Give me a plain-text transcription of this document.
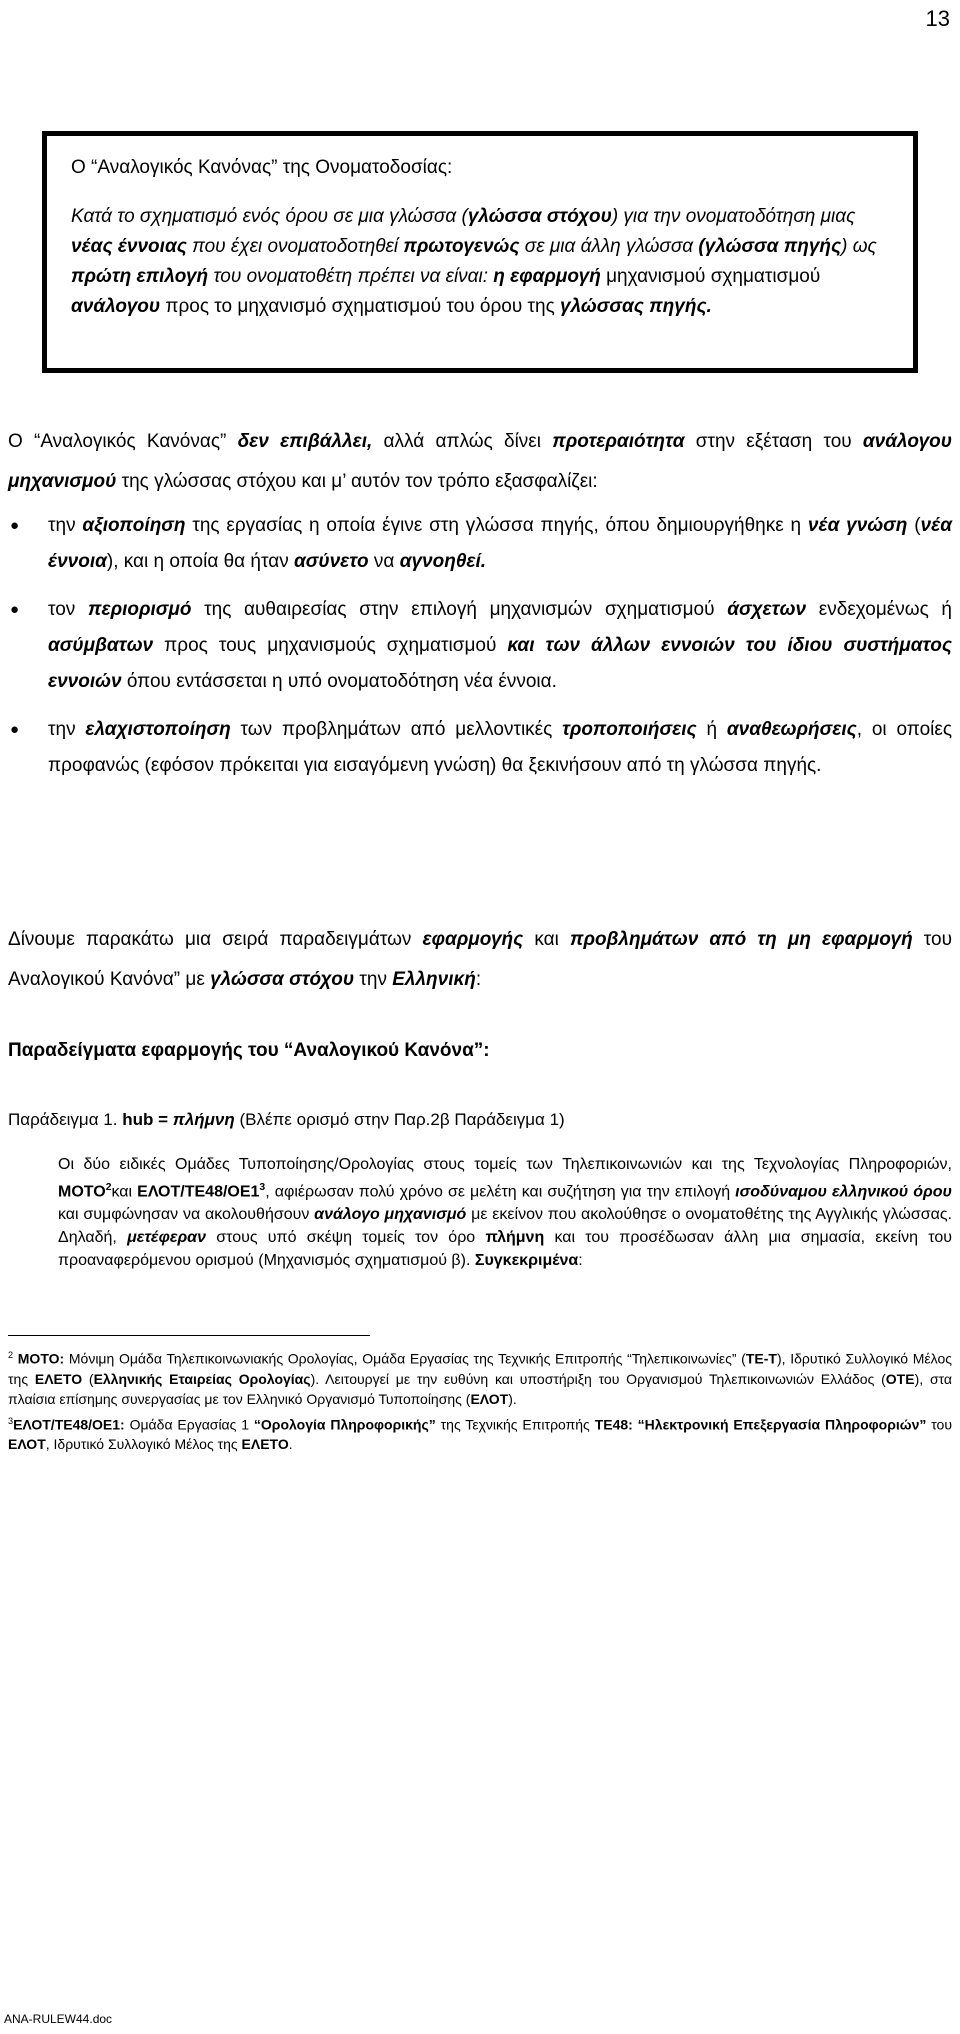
13

Ο “Αναλογικός Κανόνας” της Ονοματοδοσίας:

Κατά το σχηματισμό ενός όρου σε μια γλώσσα (γλώσσα στόχου) για την ονοματοδότηση μιας νέας έννοιας που έχει ονοματοδοτηθεί πρωτογενώς σε μια άλλη γλώσσα (γλώσσα πηγής) ως πρώτη επιλογή του ονοματοθέτη πρέπει να είναι: η εφαρμογή μηχανισμού σχηματισμού ανάλογου προς το μηχανισμό σχηματισμού του όρου της γλώσσας πηγής.

Ο “Αναλογικός Κανόνας” δεν επιβάλλει, αλλά απλώς δίνει προτεραιότητα στην εξέταση του ανάλογου μηχανισμού της γλώσσας στόχου και μ’ αυτόν τον τρόπο εξασφαλίζει:

● την αξιοποίηση της εργασίας η οποία έγινε στη γλώσσα πηγής, όπου δημιουργήθηκε η νέα γνώση (νέα έννοια), και η οποία θα ήταν ασύνετο να αγνοηθεί.
● τον περιορισμό της αυθαιρεσίας στην επιλογή μηχανισμών σχηματισμού άσχετων ενδεχομένως ή ασύμβατων προς τους μηχανισμούς σχηματισμού και των άλλων εννοιών του ίδιου συστήματος εννοιών όπου εντάσσεται η υπό ονοματοδότηση νέα έννοια.
● την ελαχιστοποίηση των προβλημάτων από μελλοντικές τροποποιήσεις ή αναθεωρήσεις, οι οποίες προφανώς (εφόσον πρόκειται για εισαγόμενη γνώση) θα ξεκινήσουν από τη γλώσσα πηγής.

Δίνουμε παρακάτω μια σειρά παραδειγμάτων εφαρμογής και προβλημάτων από τη μη εφαρμογή του Αναλογικού Κανόνα” με γλώσσα στόχου την Ελληνική:

Παραδείγματα εφαρμογής του “Αναλογικού Κανόνα”:
Παράδειγμα 1. hub = πλήμνη (Βλέπε ορισμό στην Παρ.2β Παράδειγμα 1)

Οι δύο ειδικές Ομάδες Τυποποίησης/Ορολογίας στους τομείς των Τηλεπικοινωνιών και της Τεχνολογίας Πληροφοριών, ΜΟΤΟ$^2$και ΕΛΟΤ/$TE48/OE1^3$, αφιέρωσαν πολύ χρόνο σε μελέτη και συζήτηση για την επιλογή ισοδύναμου ελληνικού όρου και συμφώνησαν να ακολουθήσουν ανάλογο μηχανισμό με εκείνον που ακολούθησε ο ονοματοθέτης της Αγγλικής γλώσσας. Δηλαδή, μετέφεραν στους υπό σκέψη τομείς τον όρο πλήμνη και του προσέδωσαν άλλη μια σημασία, εκείνη του προαναφερόμενου ορισμού (Μηχανισμός σχηματισμού β). Συγκεκριμένα:

$^2$ ΜΟΤΟ: Μόνιμη Ομάδα Τηλεπικοινωνιακής Ορολογίας, Ομάδα Εργασίας της Τεχνικής Επιτροπής “Τηλεπικοινωνίες” (ΤΕ-Τ), Ιδρυτικό Συλλογικό Μέλος της ΕΛΕΤΟ (Ελληνικής Εταιρείας Ορολογίας). Λειτουργεί με την ευθύνη και υποστήριξη του Οργανισμού Τηλεπικοινωνιών Ελλάδος (ΟΤΕ), στα πλαίσια επίσημης συνεργασίας με τον Ελληνικό Οργανισμό Τυποποίησης (ΕΛΟΤ).

$^3$ΕΛΟΤ/ΤΕ48/ΟΕ1: Ομάδα Εργασίας 1 “Ορολογία Πληροφορικής” της Τεχνικής Επιτροπής ΤΕ48: “Ηλεκτρονική Επεξεργασία Πληροφοριών” του ΕΛΟΤ, Ιδρυτικό Συλλογικό Μέλος της ΕΛΕΤΟ.

ANA-RULEW44.doc
